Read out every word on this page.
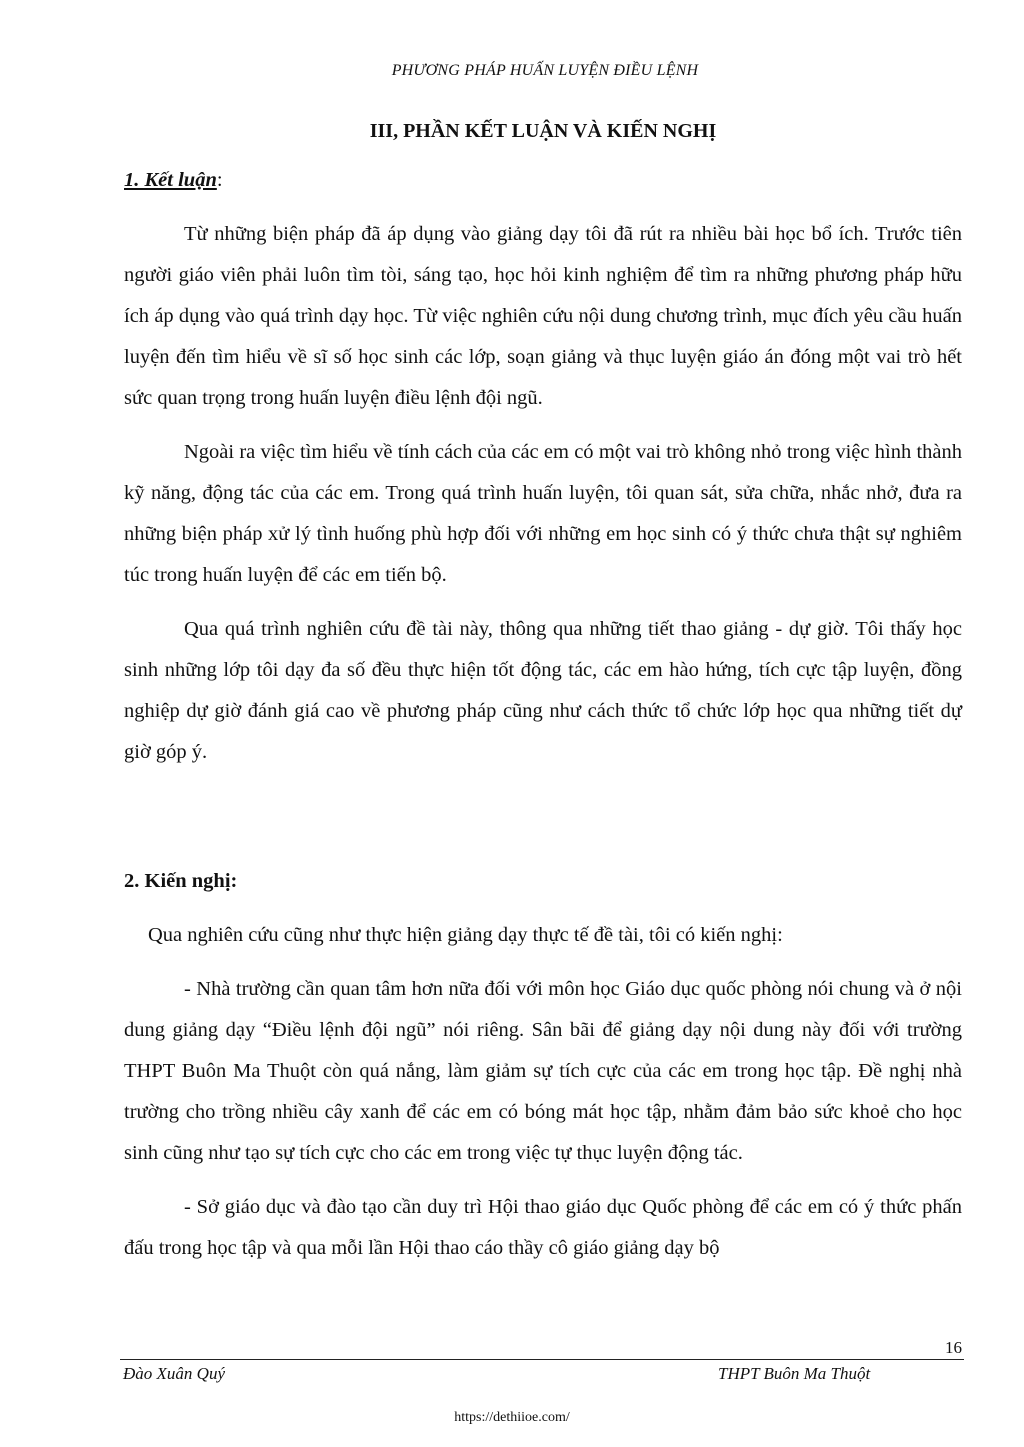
PHƯƠNG PHÁP HUẤN LUYỆN ĐIỀU LỆNH
III, PHẦN KẾT LUẬN VÀ KIẾN NGHỊ

1. Kết luận:

Từ những biện pháp đã áp dụng vào giảng dạy tôi đã rút ra nhiều bài học bổ ích. Trước tiên người giáo viên phải luôn tìm tòi, sáng tạo, học hỏi kinh nghiệm để tìm ra những phương pháp hữu ích áp dụng vào quá trình dạy học. Từ việc nghiên cứu nội dung chương trình, mục đích yêu cầu huấn luyện đến tìm hiểu về sĩ số học sinh các lớp, soạn giảng và thục luyện giáo án đóng một vai trò hết sức quan trọng trong huấn luyện điều lệnh đội ngũ.

Ngoài ra việc tìm hiểu về tính cách của các em có một vai trò không nhỏ trong việc hình thành kỹ năng, động tác của các em. Trong quá trình huấn luyện, tôi quan sát, sửa chữa, nhắc nhở, đưa ra những biện pháp xử lý tình huống phù hợp đối với những em học sinh có ý thức chưa thật sự nghiêm túc trong huấn luyện để các em tiến bộ.

Qua quá trình nghiên cứu đề tài này, thông qua những tiết thao giảng - dự giờ. Tôi thấy học sinh những lớp tôi dạy đa số đều thực hiện tốt động tác, các em hào hứng, tích cực tập luyện, đồng nghiệp dự giờ đánh giá cao về phương pháp cũng như cách thức tổ chức lớp học qua những tiết dự giờ góp ý.

2. Kiến nghị:

Qua nghiên cứu cũng như thực hiện giảng dạy thực tế đề tài, tôi có kiến nghị:

- Nhà trường cần quan tâm hơn nữa đối với môn học Giáo dục quốc phòng nói chung và ở nội dung giảng dạy “Điều lệnh đội ngũ” nói riêng. Sân bãi để giảng dạy nội dung này đối với trường THPT Buôn Ma Thuột còn quá nắng, làm giảm sự tích cực của các em trong học tập. Đề nghị nhà trường cho trồng nhiều cây xanh để các em có bóng mát học tập, nhằm đảm bảo sức khoẻ cho học sinh cũng như tạo sự tích cực cho các em trong việc tự thục luyện động tác.

- Sở giáo dục và đào tạo cần duy trì Hội thao giáo dục Quốc phòng để các em có ý thức phấn đấu trong học tập và qua mỗi lần Hội thao cáo thầy cô giáo giảng dạy bộ

16
Đào Xuân Quý	THPT Buôn Ma Thuột
https://dethiioe.com/
